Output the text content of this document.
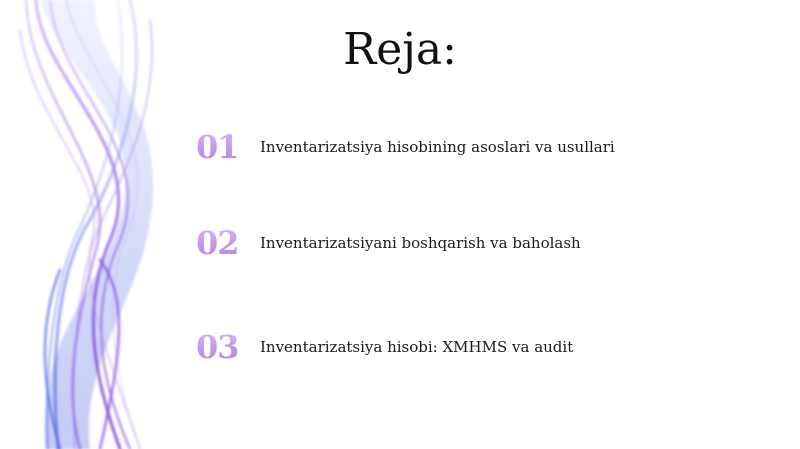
Reja:
01	Inventarizatsiya hisobining asoslari va usullari
02	Inventarizatsiyani boshqarish va baholash
03	Inventarizatsiya hisobi: XMHMS va audit
